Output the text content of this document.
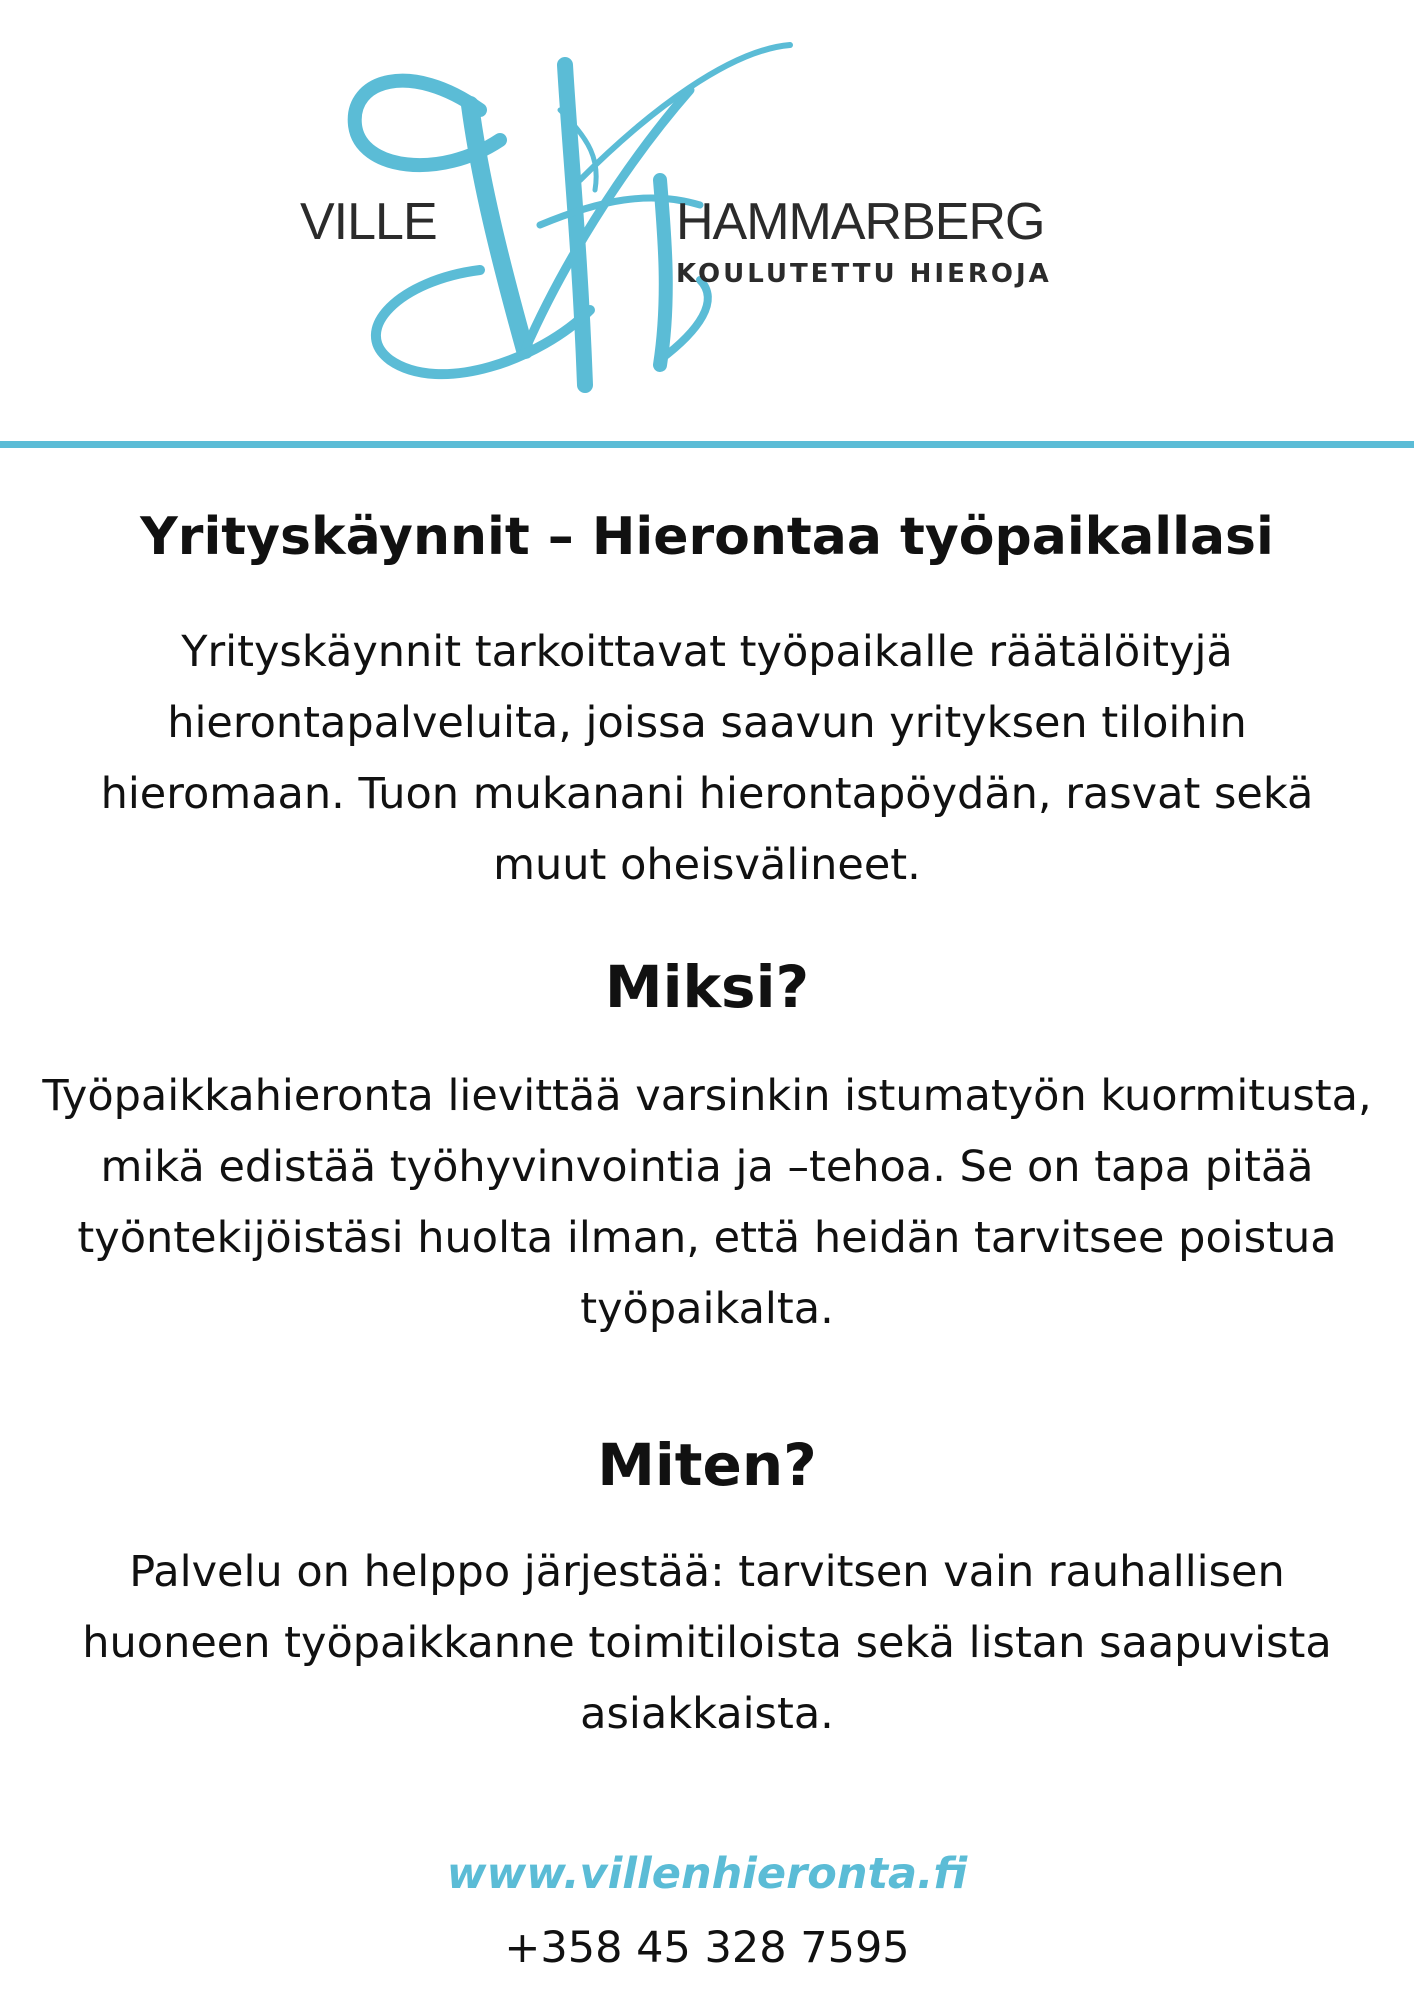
VILLE	HAMMARBERG
KOULUTETTU HIEROJA
Yrityskäynnit – Hierontaa työpaikallasi

Yrityskäynnit tarkoittavat työpaikalle räätälöityjä hierontapalveluita, joissa saavun yrityksen tiloihin hieromaan. Tuon mukanani hierontapöydän, rasvat sekä muut oheisvälineet.

Miksi?

Työpaikkahieronta lievittää varsinkin istumatyön kuormitusta, mikä edistää työhyvinvointia ja –tehoa. Se on tapa pitää työntekijöistäsi huolta ilman, että heidän tarvitsee poistua työpaikalta.

Miten?

Palvelu on helppo järjestää: tarvitsen vain rauhallisen huoneen työpaikkanne toimitiloista sekä listan saapuvista asiakkaista.

www.villenhieronta.fi
+358 45 328 7595
